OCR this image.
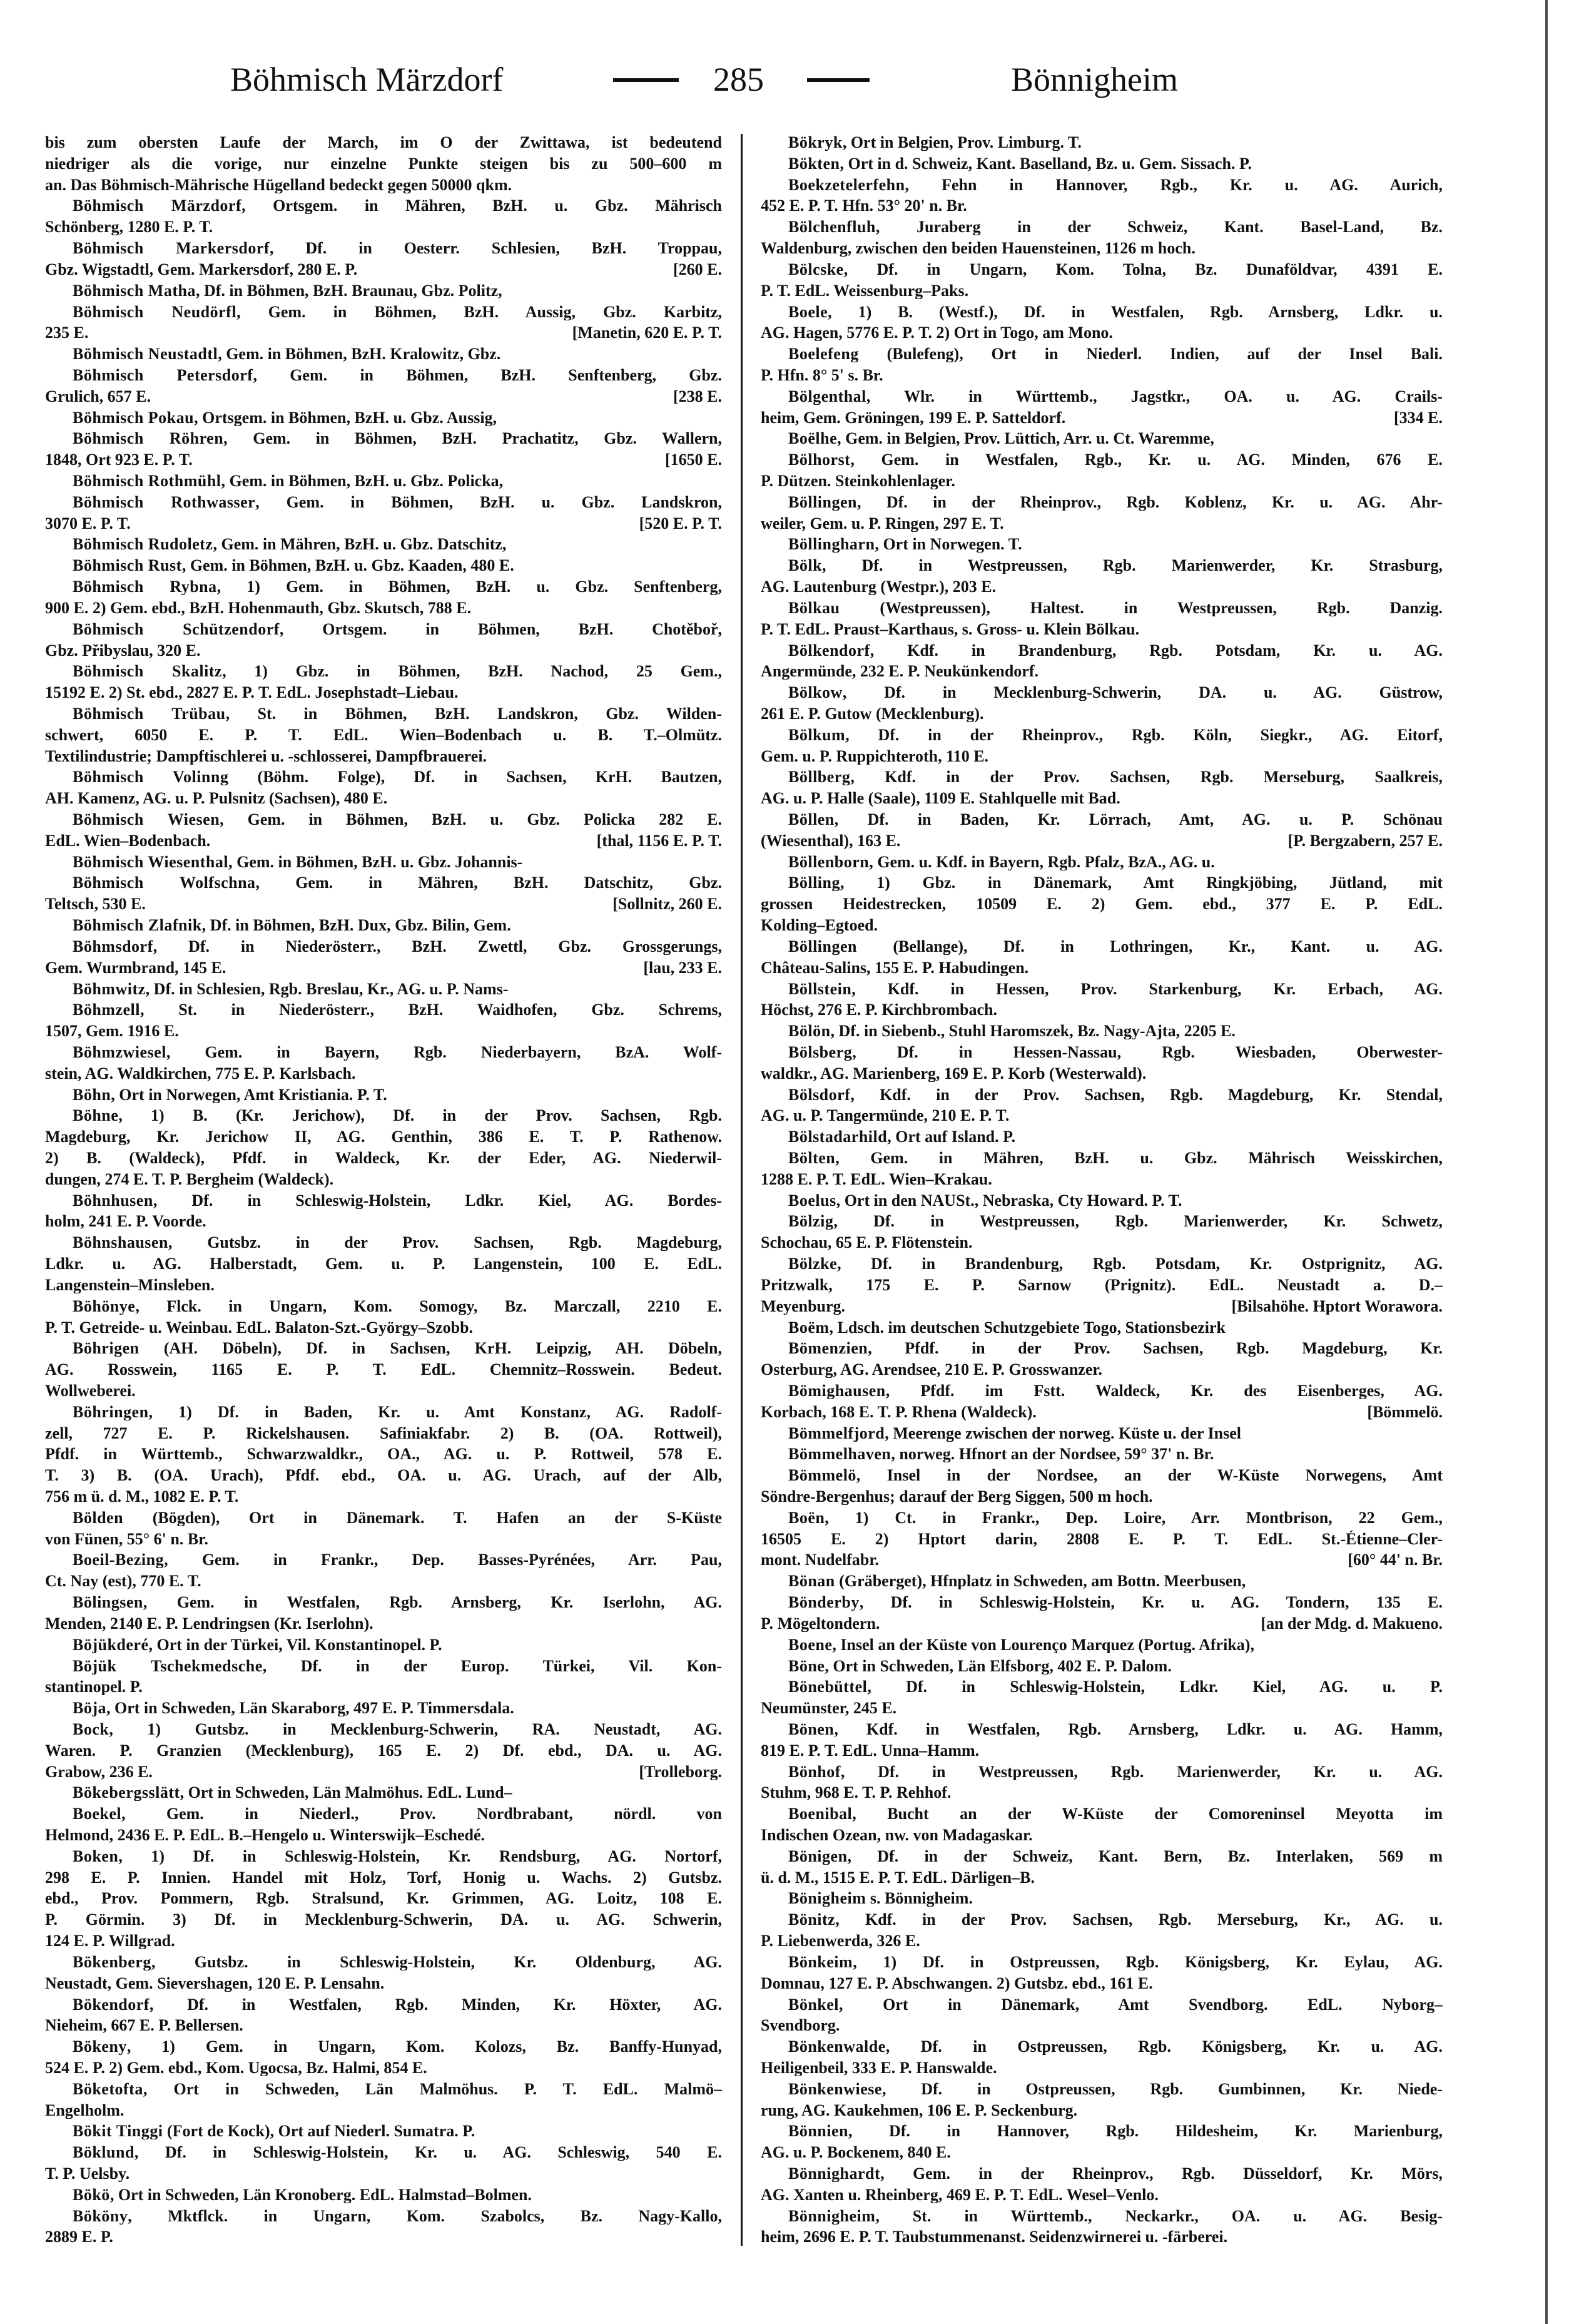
Böhmisch Märzdorf	285	Bönnigheim
bis zum obersten Laufe der March, im O der Zwittawa, ist bedeutend
niedriger als die vorige, nur einzelne Punkte steigen bis zu 500–600 m
an. Das Böhmisch-Mährische Hügelland bedeckt gegen 50000 qkm.
Böhmisch Märzdorf, Ortsgem. in Mähren, BzH. u. Gbz. Mährisch
Schönberg, 1280 E. P. T.
Böhmisch Markersdorf, Df. in Oesterr. Schlesien, BzH. Troppau,
Gbz. Wigstadtl, Gem. Markersdorf, 280 E. P.	[260 E.
Böhmisch Matha, Df. in Böhmen, BzH. Braunau, Gbz. Politz,
Böhmisch Neudörfl, Gem. in Böhmen, BzH. Aussig, Gbz. Karbitz,
235 E.	[Manetin, 620 E. P. T.
Böhmisch Neustadtl, Gem. in Böhmen, BzH. Kralowitz, Gbz.
Böhmisch Petersdorf, Gem. in Böhmen, BzH. Senftenberg, Gbz.
Grulich, 657 E.	[238 E.
Böhmisch Pokau, Ortsgem. in Böhmen, BzH. u. Gbz. Aussig,
Böhmisch Röhren, Gem. in Böhmen, BzH. Prachatitz, Gbz. Wallern,
1848, Ort 923 E. P. T.	[1650 E.
Böhmisch Rothmühl, Gem. in Böhmen, BzH. u. Gbz. Policka,
Böhmisch Rothwasser, Gem. in Böhmen, BzH. u. Gbz. Landskron,
3070 E. P. T.	[520 E. P. T.
Böhmisch Rudoletz, Gem. in Mähren, BzH. u. Gbz. Datschitz,
Böhmisch Rust, Gem. in Böhmen, BzH. u. Gbz. Kaaden, 480 E.
Böhmisch Rybna, 1) Gem. in Böhmen, BzH. u. Gbz. Senftenberg,
900 E. 2) Gem. ebd., BzH. Hohenmauth, Gbz. Skutsch, 788 E.
Böhmisch Schützendorf, Ortsgem. in Böhmen, BzH. Chotěboř,
Gbz. Přibyslau, 320 E.
Böhmisch Skalitz, 1) Gbz. in Böhmen, BzH. Nachod, 25 Gem.,
15192 E. 2) St. ebd., 2827 E. P. T. EdL. Josephstadt–Liebau.
Böhmisch Trübau, St. in Böhmen, BzH. Landskron, Gbz. Wilden-
schwert, 6050 E. P. T. EdL. Wien–Bodenbach u. B. T.–Olmütz.
Textilindustrie; Dampftischlerei u. -schlosserei, Dampfbrauerei.
Böhmisch Volinng (Böhm. Folge), Df. in Sachsen, KrH. Bautzen,
AH. Kamenz, AG. u. P. Pulsnitz (Sachsen), 480 E.
Böhmisch Wiesen, Gem. in Böhmen, BzH. u. Gbz. Policka 282 E.
EdL. Wien–Bodenbach.	[thal, 1156 E. P. T.
Böhmisch Wiesenthal, Gem. in Böhmen, BzH. u. Gbz. Johannis-
Böhmisch Wolfschna, Gem. in Mähren, BzH. Datschitz, Gbz.
Teltsch, 530 E.	[Sollnitz, 260 E.
Böhmisch Zlafnik, Df. in Böhmen, BzH. Dux, Gbz. Bilin, Gem.
Böhmsdorf, Df. in Niederösterr., BzH. Zwettl, Gbz. Grossgerungs,
Gem. Wurmbrand, 145 E.	[lau, 233 E.
Böhmwitz, Df. in Schlesien, Rgb. Breslau, Kr., AG. u. P. Nams-
Böhmzell, St. in Niederösterr., BzH. Waidhofen, Gbz. Schrems,
1507, Gem. 1916 E.
Böhmzwiesel, Gem. in Bayern, Rgb. Niederbayern, BzA. Wolf-
stein, AG. Waldkirchen, 775 E. P. Karlsbach.
Böhn, Ort in Norwegen, Amt Kristiania. P. T.
Böhne, 1) B. (Kr. Jerichow), Df. in der Prov. Sachsen, Rgb.
Magdeburg, Kr. Jerichow II, AG. Genthin, 386 E. T. P. Rathenow.
2) B. (Waldeck), Pfdf. in Waldeck, Kr. der Eder, AG. Niederwil-
dungen, 274 E. T. P. Bergheim (Waldeck).
Böhnhusen, Df. in Schleswig-Holstein, Ldkr. Kiel, AG. Bordes-
holm, 241 E. P. Voorde.
Böhnshausen, Gutsbz. in der Prov. Sachsen, Rgb. Magdeburg,
Ldkr. u. AG. Halberstadt, Gem. u. P. Langenstein, 100 E. EdL.
Langenstein–Minsleben.
Böhönye, Flck. in Ungarn, Kom. Somogy, Bz. Marczall, 2210 E.
P. T. Getreide- u. Weinbau. EdL. Balaton-Szt.-György–Szobb.
Böhrigen (AH. Döbeln), Df. in Sachsen, KrH. Leipzig, AH. Döbeln,
AG. Rosswein, 1165 E. P. T. EdL. Chemnitz–Rosswein. Bedeut.
Wollweberei.
Böhringen, 1) Df. in Baden, Kr. u. Amt Konstanz, AG. Radolf-
zell, 727 E. P. Rickelshausen. Safiniakfabr. 2) B. (OA. Rottweil),
Pfdf. in Württemb., Schwarzwaldkr., OA., AG. u. P. Rottweil, 578 E.
T. 3) B. (OA. Urach), Pfdf. ebd., OA. u. AG. Urach, auf der Alb,
756 m ü. d. M., 1082 E. P. T.
Bölden (Bögden), Ort in Dänemark. T. Hafen an der S-Küste
von Fünen, 55° 6' n. Br.
Boeil-Bezing, Gem. in Frankr., Dep. Basses-Pyrénées, Arr. Pau,
Ct. Nay (est), 770 E. T.
Bölingsen, Gem. in Westfalen, Rgb. Arnsberg, Kr. Iserlohn, AG.
Menden, 2140 E. P. Lendringsen (Kr. Iserlohn).
Böjükderé, Ort in der Türkei, Vil. Konstantinopel. P.
Böjük Tschekmedsche, Df. in der Europ. Türkei, Vil. Kon-
stantinopel. P.
Böja, Ort in Schweden, Län Skaraborg, 497 E. P. Timmersdala.
Bock, 1) Gutsbz. in Mecklenburg-Schwerin, RA. Neustadt, AG.
Waren. P. Granzien (Mecklenburg), 165 E. 2) Df. ebd., DA. u. AG.
Grabow, 236 E.	[Trolleborg.
Bökebergsslätt, Ort in Schweden, Län Malmöhus. EdL. Lund–
Boekel, Gem. in Niederl., Prov. Nordbrabant, nördl. von
Helmond, 2436 E. P. EdL. B.–Hengelo u. Winterswijk–Eschedé.
Boken, 1) Df. in Schleswig-Holstein, Kr. Rendsburg, AG. Nortorf,
298 E. P. Innien. Handel mit Holz, Torf, Honig u. Wachs. 2) Gutsbz.
ebd., Prov. Pommern, Rgb. Stralsund, Kr. Grimmen, AG. Loitz, 108 E.
P. Görmin. 3) Df. in Mecklenburg-Schwerin, DA. u. AG. Schwerin,
124 E. P. Willgrad.
Bökenberg, Gutsbz. in Schleswig-Holstein, Kr. Oldenburg, AG.
Neustadt, Gem. Sievershagen, 120 E. P. Lensahn.
Bökendorf, Df. in Westfalen, Rgb. Minden, Kr. Höxter, AG.
Nieheim, 667 E. P. Bellersen.
Bökeny, 1) Gem. in Ungarn, Kom. Kolozs, Bz. Banffy-Hunyad,
524 E. P. 2) Gem. ebd., Kom. Ugocsa, Bz. Halmi, 854 E.
Böketofta, Ort in Schweden, Län Malmöhus. P. T. EdL. Malmö–
Engelholm.
Bökit Tinggi (Fort de Kock), Ort auf Niederl. Sumatra. P.
Böklund, Df. in Schleswig-Holstein, Kr. u. AG. Schleswig, 540 E.
T. P. Uelsby.
Bökö, Ort in Schweden, Län Kronoberg. EdL. Halmstad–Bolmen.
Bököny, Mktflck. in Ungarn, Kom. Szabolcs, Bz. Nagy-Kallo,
2889 E. P.
Bökryk, Ort in Belgien, Prov. Limburg. T.
Bökten, Ort in d. Schweiz, Kant. Baselland, Bz. u. Gem. Sissach. P.
Boekzetelerfehn, Fehn in Hannover, Rgb., Kr. u. AG. Aurich,
452 E. P. T. Hfn. 53° 20' n. Br.
Bölchenfluh, Juraberg in der Schweiz, Kant. Basel-Land, Bz.
Waldenburg, zwischen den beiden Hauensteinen, 1126 m hoch.
Bölcske, Df. in Ungarn, Kom. Tolna, Bz. Dunaföldvar, 4391 E.
P. T. EdL. Weissenburg–Paks.
Boele, 1) B. (Westf.), Df. in Westfalen, Rgb. Arnsberg, Ldkr. u.
AG. Hagen, 5776 E. P. T. 2) Ort in Togo, am Mono.
Boelefeng (Bulefeng), Ort in Niederl. Indien, auf der Insel Bali.
P. Hfn. 8° 5' s. Br.
Bölgenthal, Wlr. in Württemb., Jagstkr., OA. u. AG. Crails-
heim, Gem. Gröningen, 199 E. P. Satteldorf.	[334 E.
Boëlhe, Gem. in Belgien, Prov. Lüttich, Arr. u. Ct. Waremme,
Bölhorst, Gem. in Westfalen, Rgb., Kr. u. AG. Minden, 676 E.
P. Dützen. Steinkohlenlager.
Böllingen, Df. in der Rheinprov., Rgb. Koblenz, Kr. u. AG. Ahr-
weiler, Gem. u. P. Ringen, 297 E. T.
Böllingharn, Ort in Norwegen. T.
Bölk, Df. in Westpreussen, Rgb. Marienwerder, Kr. Strasburg,
AG. Lautenburg (Westpr.), 203 E.
Bölkau (Westpreussen), Haltest. in Westpreussen, Rgb. Danzig.
P. T. EdL. Praust–Karthaus, s. Gross- u. Klein Bölkau.
Bölkendorf, Kdf. in Brandenburg, Rgb. Potsdam, Kr. u. AG.
Angermünde, 232 E. P. Neukünkendorf.
Bölkow, Df. in Mecklenburg-Schwerin, DA. u. AG. Güstrow,
261 E. P. Gutow (Mecklenburg).
Bölkum, Df. in der Rheinprov., Rgb. Köln, Siegkr., AG. Eitorf,
Gem. u. P. Ruppichteroth, 110 E.
Böllberg, Kdf. in der Prov. Sachsen, Rgb. Merseburg, Saalkreis,
AG. u. P. Halle (Saale), 1109 E. Stahlquelle mit Bad.
Böllen, Df. in Baden, Kr. Lörrach, Amt, AG. u. P. Schönau
(Wiesenthal), 163 E.	[P. Bergzabern, 257 E.
Böllenborn, Gem. u. Kdf. in Bayern, Rgb. Pfalz, BzA., AG. u.
Bölling, 1) Gbz. in Dänemark, Amt Ringkjöbing, Jütland, mit
grossen Heidestrecken, 10509 E. 2) Gem. ebd., 377 E. P. EdL.
Kolding–Egtoed.
Böllingen (Bellange), Df. in Lothringen, Kr., Kant. u. AG.
Château-Salins, 155 E. P. Habudingen.
Böllstein, Kdf. in Hessen, Prov. Starkenburg, Kr. Erbach, AG.
Höchst, 276 E. P. Kirchbrombach.
Bölön, Df. in Siebenb., Stuhl Haromszek, Bz. Nagy-Ajta, 2205 E.
Bölsberg, Df. in Hessen-Nassau, Rgb. Wiesbaden, Oberwester-
waldkr., AG. Marienberg, 169 E. P. Korb (Westerwald).
Bölsdorf, Kdf. in der Prov. Sachsen, Rgb. Magdeburg, Kr. Stendal,
AG. u. P. Tangermünde, 210 E. P. T.
Bölstadarhild, Ort auf Island. P.
Bölten, Gem. in Mähren, BzH. u. Gbz. Mährisch Weisskirchen,
1288 E. P. T. EdL. Wien–Krakau.
Boelus, Ort in den NAUSt., Nebraska, Cty Howard. P. T.
Bölzig, Df. in Westpreussen, Rgb. Marienwerder, Kr. Schwetz,
Schochau, 65 E. P. Flötenstein.
Bölzke, Df. in Brandenburg, Rgb. Potsdam, Kr. Ostprignitz, AG.
Pritzwalk, 175 E. P. Sarnow (Prignitz). EdL. Neustadt a. D.–
Meyenburg.	[Bilsahöhe. Hptort Worawora.
Boëm, Ldsch. im deutschen Schutzgebiete Togo, Stationsbezirk
Bömenzien, Pfdf. in der Prov. Sachsen, Rgb. Magdeburg, Kr.
Osterburg, AG. Arendsee, 210 E. P. Grosswanzer.
Bömighausen, Pfdf. im Fstt. Waldeck, Kr. des Eisenberges, AG.
Korbach, 168 E. T. P. Rhena (Waldeck).	[Bömmelö.
Bömmelfjord, Meerenge zwischen der norweg. Küste u. der Insel
Bömmelhaven, norweg. Hfnort an der Nordsee, 59° 37' n. Br.
Bömmelö, Insel in der Nordsee, an der W-Küste Norwegens, Amt
Söndre-Bergenhus; darauf der Berg Siggen, 500 m hoch.
Boën, 1) Ct. in Frankr., Dep. Loire, Arr. Montbrison, 22 Gem.,
16505 E. 2) Hptort darin, 2808 E. P. T. EdL. St.-Étienne–Cler-
mont. Nudelfabr.	[60° 44' n. Br.
Bönan (Gräberget), Hfnplatz in Schweden, am Bottn. Meerbusen,
Bönderby, Df. in Schleswig-Holstein, Kr. u. AG. Tondern, 135 E.
P. Mögeltondern.	[an der Mdg. d. Makueno.
Boene, Insel an der Küste von Lourenço Marquez (Portug. Afrika),
Böne, Ort in Schweden, Län Elfsborg, 402 E. P. Dalom.
Bönebüttel, Df. in Schleswig-Holstein, Ldkr. Kiel, AG. u. P.
Neumünster, 245 E.
Bönen, Kdf. in Westfalen, Rgb. Arnsberg, Ldkr. u. AG. Hamm,
819 E. P. T. EdL. Unna–Hamm.
Bönhof, Df. in Westpreussen, Rgb. Marienwerder, Kr. u. AG.
Stuhm, 968 E. T. P. Rehhof.
Boenibal, Bucht an der W-Küste der Comoreninsel Meyotta im
Indischen Ozean, nw. von Madagaskar.
Bönigen, Df. in der Schweiz, Kant. Bern, Bz. Interlaken, 569 m
ü. d. M., 1515 E. P. T. EdL. Därligen–B.
Bönigheim s. Bönnigheim.
Bönitz, Kdf. in der Prov. Sachsen, Rgb. Merseburg, Kr., AG. u.
P. Liebenwerda, 326 E.
Bönkeim, 1) Df. in Ostpreussen, Rgb. Königsberg, Kr. Eylau, AG.
Domnau, 127 E. P. Abschwangen. 2) Gutsbz. ebd., 161 E.
Bönkel, Ort in Dänemark, Amt Svendborg. EdL. Nyborg–
Svendborg.
Bönkenwalde, Df. in Ostpreussen, Rgb. Königsberg, Kr. u. AG.
Heiligenbeil, 333 E. P. Hanswalde.
Bönkenwiese, Df. in Ostpreussen, Rgb. Gumbinnen, Kr. Niede-
rung, AG. Kaukehmen, 106 E. P. Seckenburg.
Bönnien, Df. in Hannover, Rgb. Hildesheim, Kr. Marienburg,
AG. u. P. Bockenem, 840 E.
Bönnighardt, Gem. in der Rheinprov., Rgb. Düsseldorf, Kr. Mörs,
AG. Xanten u. Rheinberg, 469 E. P. T. EdL. Wesel–Venlo.
Bönnigheim, St. in Württemb., Neckarkr., OA. u. AG. Besig-
heim, 2696 E. P. T. Taubstummenanst. Seidenzwirnerei u. -färberei.
